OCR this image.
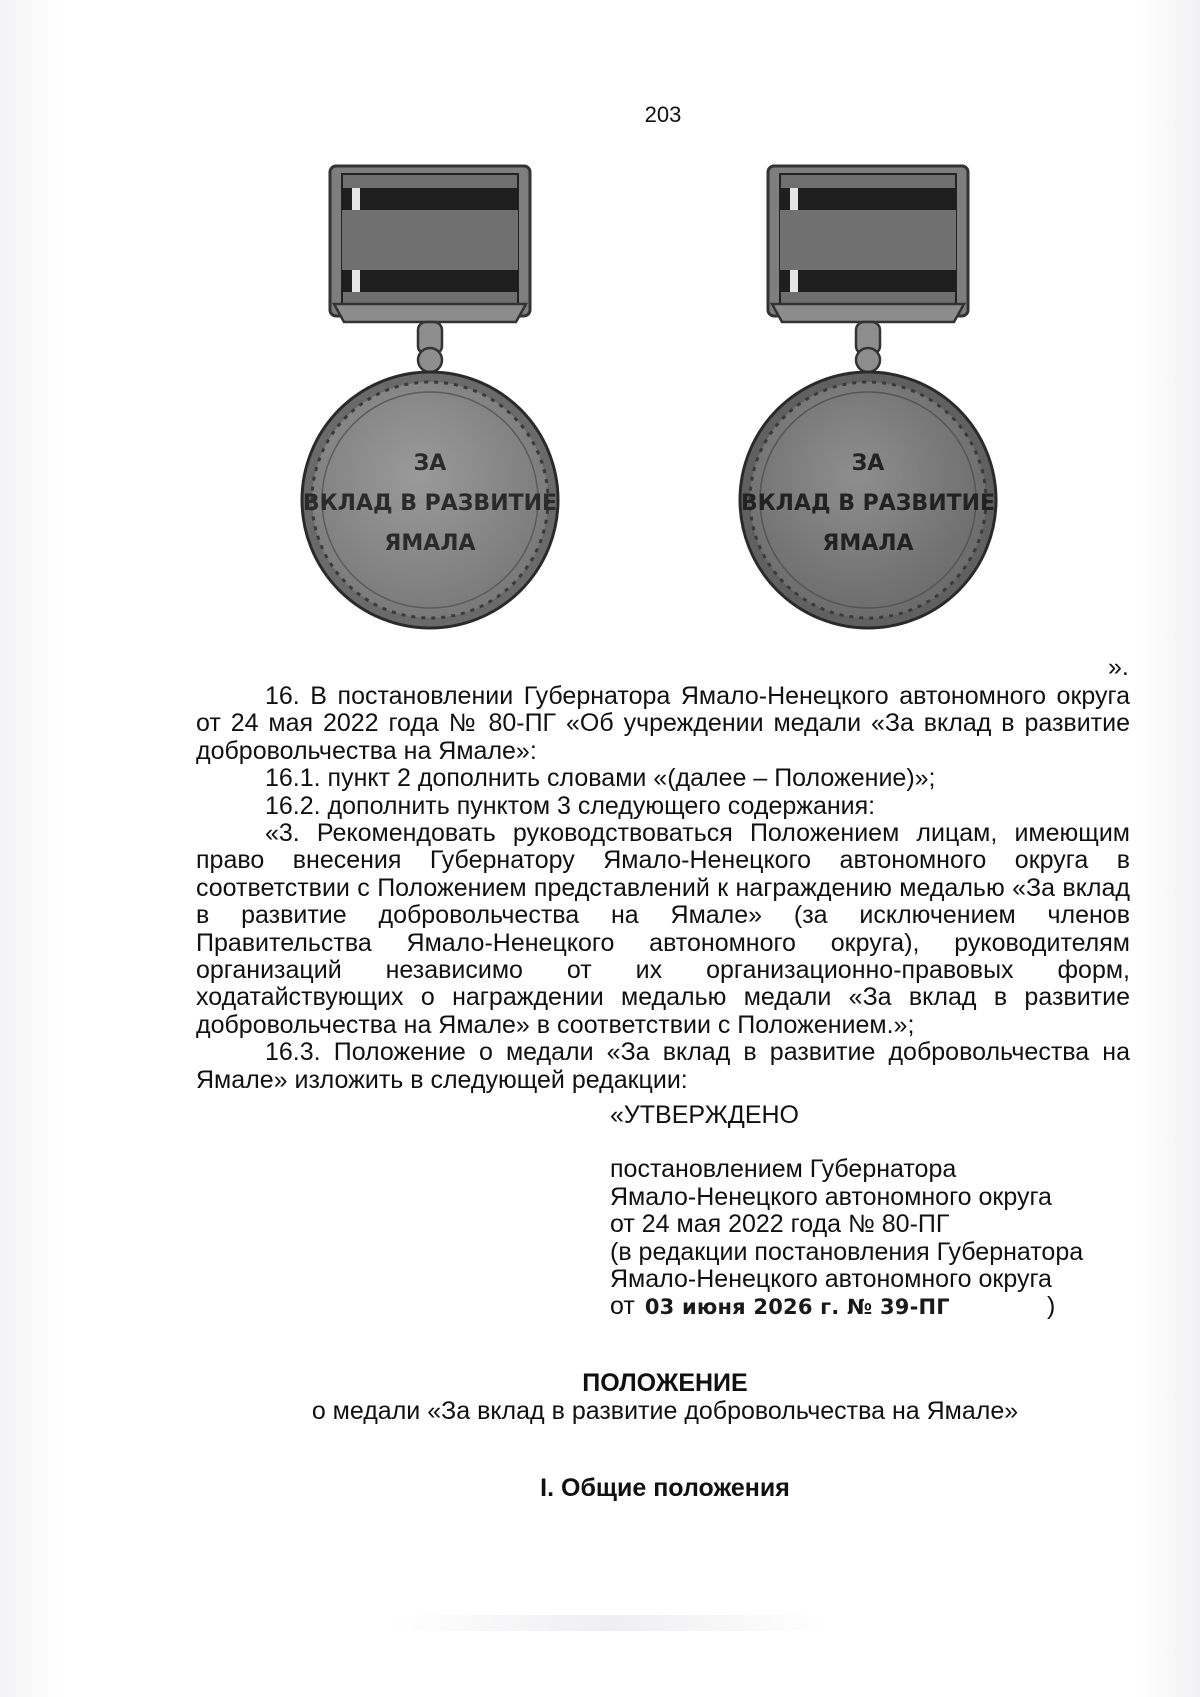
203
ЗА
ВКЛАД В РАЗВИТИЕ
ЯМАЛА
ЗА
ВКЛАД В РАЗВИТИЕ
ЯМАЛА
».

16. В постановлении Губернатора Ямало-Ненецкого автономного округа от 24 мая 2022 года № 80-ПГ «Об учреждении медали «За вклад в развитие добровольчества на Ямале»:

16.1. пункт 2 дополнить словами «(далее – Положение)»;

16.2. дополнить пунктом 3 следующего содержания:

«3. Рекомендовать руководствоваться Положением лицам, имеющим право внесения Губернатору Ямало-Ненецкого автономного округа в соответствии с Положением представлений к награждению медалью «За вклад в развитие добровольчества на Ямале» (за исключением членов Правительства Ямало-Ненецкого автономного округа), руководителям организаций независимо от их организационно-правовых форм, ходатайствующих о награждении медалью медали «За вклад в развитие добровольчества на Ямале» в соответствии с Положением.»;

16.3. Положение о медали «За вклад в развитие добровольчества на Ямале» изложить в следующей редакции:

«УТВЕРЖДЕНО
постановлением Губернатора
Ямало-Ненецкого автономного округа
от 24 мая 2022 года № 80-ПГ
(в редакции постановления Губернатора
Ямало-Ненецкого автономного округа
от 03 июня 2026 г. № 39-ПГ	)
ПОЛОЖЕНИЕ
о медали «За вклад в развитие добровольчества на Ямале»
I. Общие положения
